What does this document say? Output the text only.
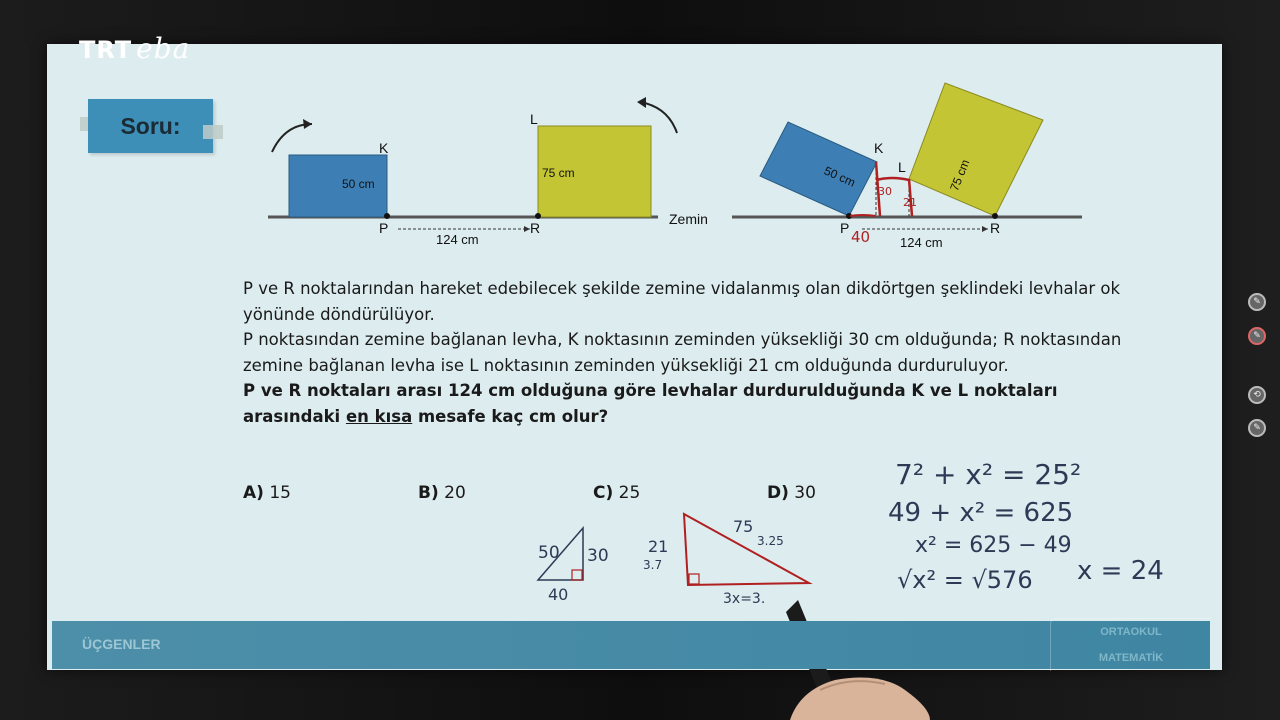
TRT eba
Soru:
K
L
50 cm
75 cm
P	R
124 cm
Zemin
K
L
50 cm	75 cm
P	R
124 cm
40
30
21
50 30
40
21
3.7
75
3.25
3x=3.
7² + x² = 25²
49 + x² = 625
x² = 625 − 49
√x² = √576 x = 24
P ve R noktalarından hareket edebilecek şekilde zemine vidalanmış olan dikdörtgen şeklindeki levhalar ok yönünde döndürülüyor.
P noktasından zemine bağlanan levha, K noktasının zeminden yüksekliği 30 cm olduğunda; R noktasından zemine bağlanan levha ise L noktasının zeminden yüksekliği 21 cm olduğunda durduruluyor.
P ve R noktaları arası 124 cm olduğuna göre levhalar durdurulduğunda K ve L noktaları arasındaki en kısa mesafe kaç cm olur?
A) 15	B) 20	C) 25	D) 30
ÜÇGENLER
ORTAOKUL
MATEMATİK
✎
✎
⟲
✎
